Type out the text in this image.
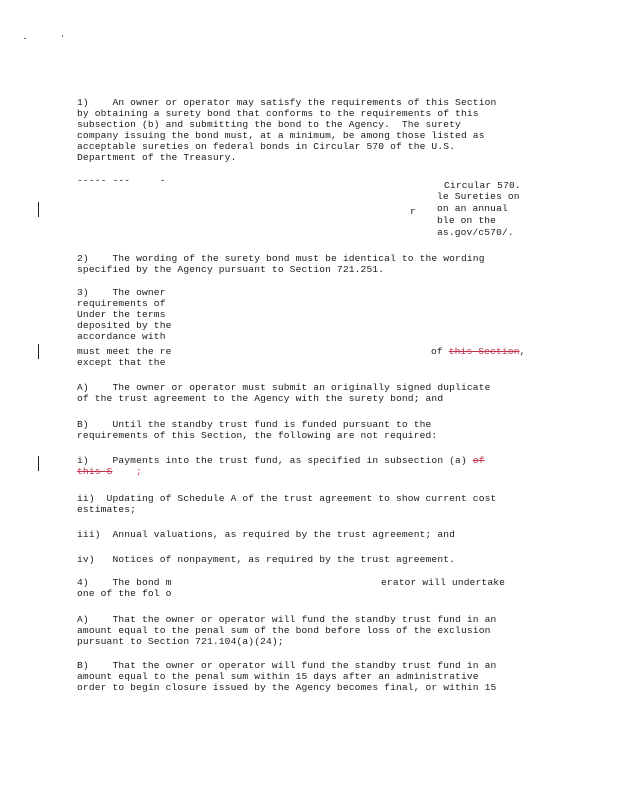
1)    An owner or operator may satisfy the requirements of this Section
by obtaining a surety bond that conforms to the requirements of this
subsection (b) and submitting the bond to the Agency.  The surety
company issuing the bond must, at a minimum, be among those listed as
acceptable sureties on federal bonds in Circular 570 of the U.S.
Department of the Treasury.
----- ---     -	Circular 570.
le Sureties on
on an annual
ble on the
as.gov/c570/.
r
2)    The wording of the surety bond must be identical to the wording
specified by the Agency pursuant to Section 721.251.
3)    The owner
requirements of
Under the terms
deposited by the
accordance with
must meet the re
except that the
of this Section,
A)    The owner or operator must submit an originally signed duplicate
of the trust agreement to the Agency with the surety bond; and
B)    Until the standby trust fund is funded pursuant to the
requirements of this Section, the following are not required:
i)    Payments into the trust fund, as specified in subsection (a) of
this S ;
ii)  Updating of Schedule A of the trust agreement to show current cost
estimates;
iii)  Annual valuations, as required by the trust agreement; and
iv)   Notices of nonpayment, as required by the trust agreement.
4)    The bond m
one of the fol o
erator will undertake
A)    That the owner or operator will fund the standby trust fund in an
amount equal to the penal sum of the bond before loss of the exclusion
pursuant to Section 721.104(a)(24);
B)    That the owner or operator will fund the standby trust fund in an
amount equal to the penal sum within 15 days after an administrative
order to begin closure issued by the Agency becomes final, or within 15
